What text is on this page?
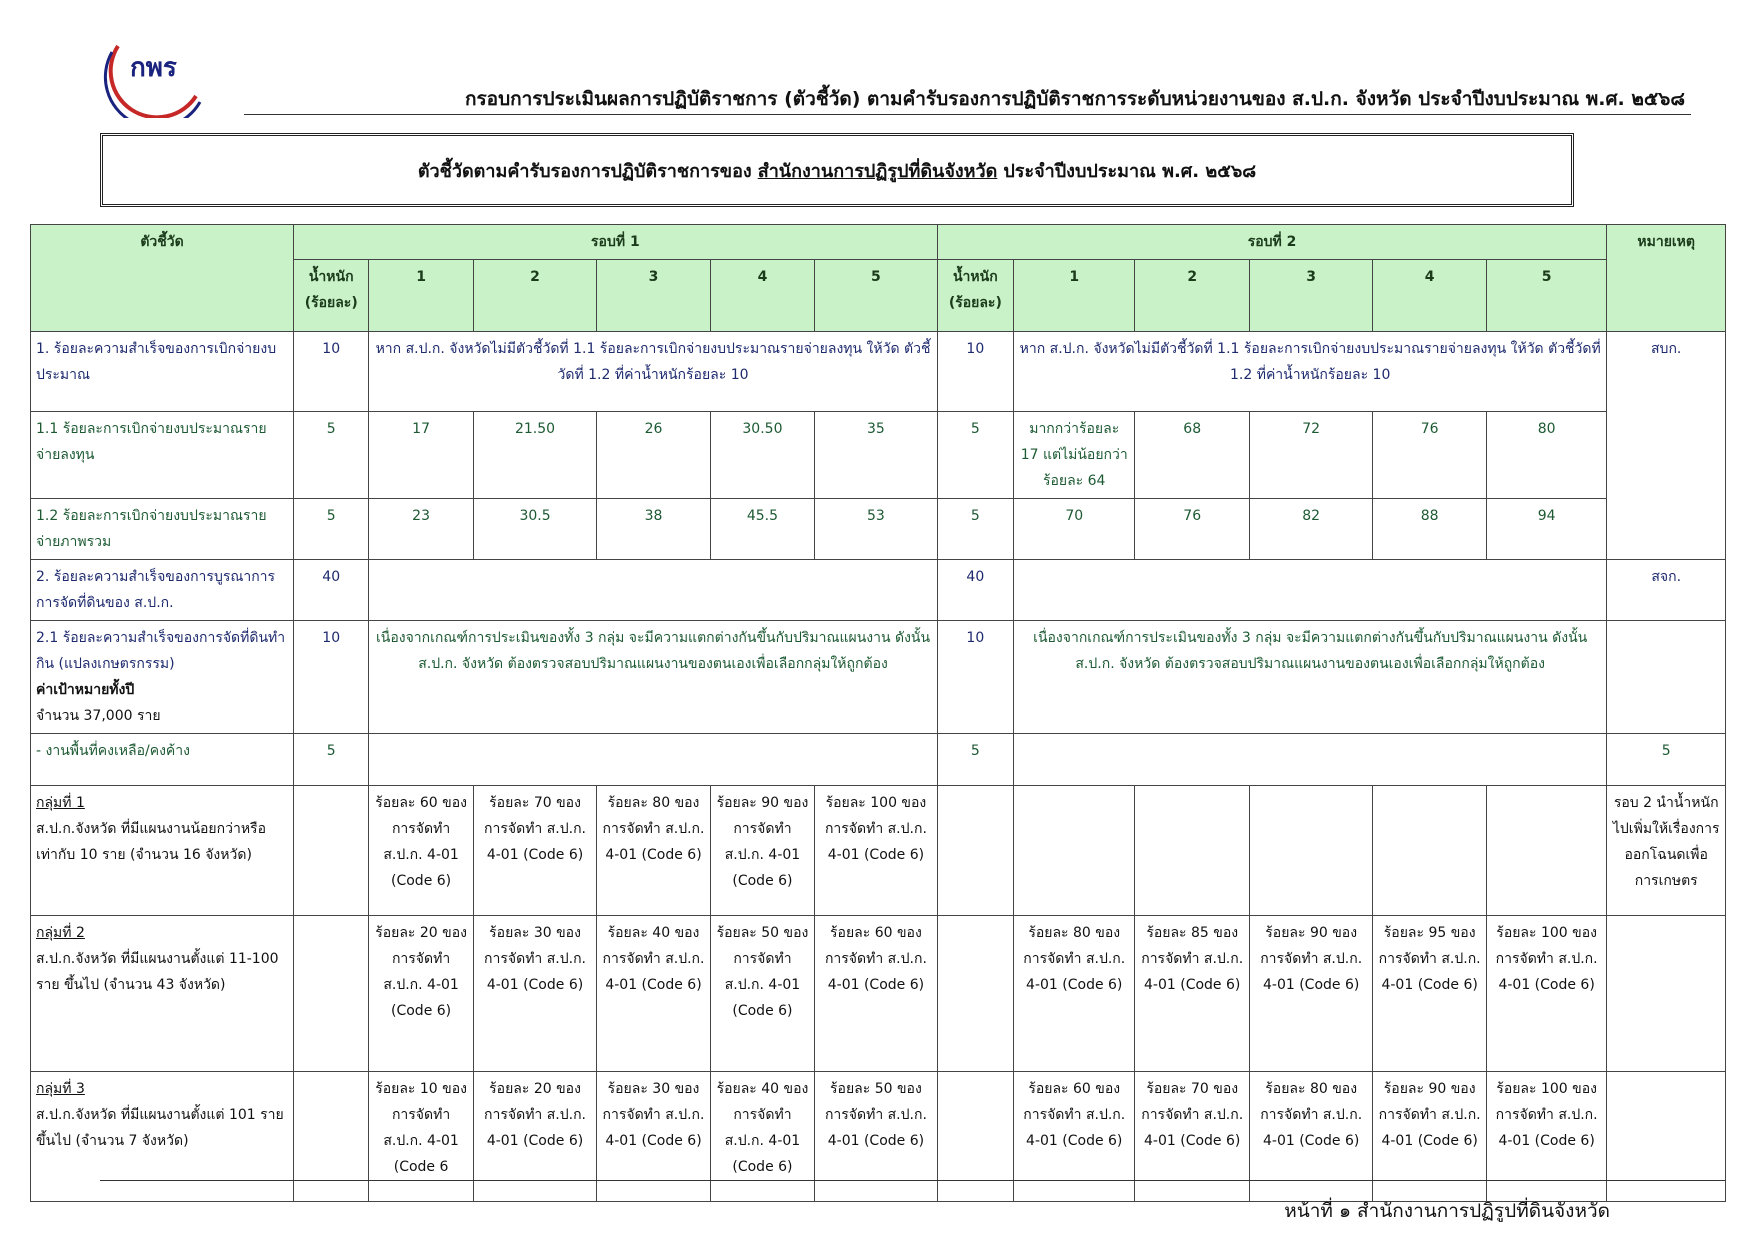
กพร
กรอบการประเมินผลการปฏิบัติราชการ (ตัวชี้วัด) ตามคำรับรองการปฏิบัติราชการระดับหน่วยงานของ ส.ป.ก. จังหวัด ประจำปีงบประมาณ พ.ศ. ๒๕๖๘
ตัวชี้วัดตามคำรับรองการปฏิบัติราชการของ สำนักงานการปฏิรูปที่ดินจังหวัด ประจำปีงบประมาณ พ.ศ. ๒๕๖๘
ตัวชี้วัด	รอบที่ 1						รอบที่ 2						หมายเหตุ
	น้ำหนัก (ร้อยละ)	1	2	3	4	5	น้ำหนัก (ร้อยละ)	1	2	3	4	5	
1. ร้อยละความสำเร็จของการเบิกจ่ายงบประมาณ	10	หาก ส.ป.ก. จังหวัดไม่มีตัวชี้วัดที่ 1.1 ร้อยละการเบิกจ่ายงบประมาณรายจ่ายลงทุน ให้วัด ตัวชี้วัดที่ 1.2 ที่ค่าน้ำหนักร้อยละ 10					10	หาก ส.ป.ก. จังหวัดไม่มีตัวชี้วัดที่ 1.1 ร้อยละการเบิกจ่ายงบประมาณรายจ่ายลงทุน ให้วัด ตัวชี้วัดที่ 1.2 ที่ค่าน้ำหนักร้อยละ 10					สบก.
1.1 ร้อยละการเบิกจ่ายงบประมาณรายจ่ายลงทุน	5	17	21.50	26	30.50	35	5	มากกว่าร้อยละ 17 แต่ไม่น้อยกว่าร้อยละ 64	68	72	76	80	
1.2 ร้อยละการเบิกจ่ายงบประมาณรายจ่ายภาพรวม	5	23	30.5	38	45.5	53	5	70	76	82	88	94	
2. ร้อยละความสำเร็จของการบูรณาการการจัดที่ดินของ ส.ป.ก.	40						40						สจก.

2.1 ร้อยละความสำเร็จของการจัดที่ดินทำกิน (แปลงเกษตรกรรม)
ค่าเป้าหมายทั้งปี
จำนวน 37,000 ราย	10	เนื่องจากเกณฑ์การประเมินของทั้ง 3 กลุ่ม จะมีความแตกต่างกันขึ้นกับปริมาณแผนงาน ดังนั้น ส.ป.ก. จังหวัด ต้องตรวจสอบปริมาณแผนงานของตนเองเพื่อเลือกกลุ่มให้ถูกต้อง					10	เนื่องจากเกณฑ์การประเมินของทั้ง 3 กลุ่ม จะมีความแตกต่างกันขึ้นกับปริมาณแผนงาน ดังนั้น ส.ป.ก. จังหวัด ต้องตรวจสอบปริมาณแผนงานของตนเองเพื่อเลือกกลุ่มให้ถูกต้อง					
- งานพื้นที่คงเหลือ/คงค้าง	5						5						5

กลุ่มที่ 1
ส.ป.ก.จังหวัด ที่มีแผนงานน้อยกว่าหรือเท่ากับ 10 ราย (จำนวน 16 จังหวัด)		ร้อยละ 60 ของการจัดทำ ส.ป.ก. 4-01 (Code 6)	ร้อยละ 70 ของการจัดทำ ส.ป.ก. 4-01 (Code 6)	ร้อยละ 80 ของการจัดทำ ส.ป.ก. 4-01 (Code 6)	ร้อยละ 90 ของการจัดทำ ส.ป.ก. 4-01 (Code 6)	ร้อยละ 100 ของการจัดทำ ส.ป.ก. 4-01 (Code 6)							รอบ 2 นำน้ำหนักไปเพิ่มให้เรื่องการออกโฉนดเพื่อการเกษตร

กลุ่มที่ 2
ส.ป.ก.จังหวัด ที่มีแผนงานตั้งแต่ 11-100 ราย ขึ้นไป (จำนวน 43 จังหวัด)		ร้อยละ 20 ของการจัดทำ ส.ป.ก. 4-01 (Code 6)	ร้อยละ 30 ของการจัดทำ ส.ป.ก. 4-01 (Code 6)	ร้อยละ 40 ของการจัดทำ ส.ป.ก. 4-01 (Code 6)	ร้อยละ 50 ของการจัดทำ ส.ป.ก. 4-01 (Code 6)	ร้อยละ 60 ของการจัดทำ ส.ป.ก. 4-01 (Code 6)		ร้อยละ 80 ของการจัดทำ ส.ป.ก. 4-01 (Code 6)	ร้อยละ 85 ของการจัดทำ ส.ป.ก. 4-01 (Code 6)	ร้อยละ 90 ของการจัดทำ ส.ป.ก. 4-01 (Code 6)	ร้อยละ 95 ของการจัดทำ ส.ป.ก. 4-01 (Code 6)	ร้อยละ 100 ของการจัดทำ ส.ป.ก. 4-01 (Code 6)	

กลุ่มที่ 3
ส.ป.ก.จังหวัด ที่มีแผนงานตั้งแต่ 101 ราย ขึ้นไป (จำนวน 7 จังหวัด)		ร้อยละ 10 ของการจัดทำ ส.ป.ก. 4-01 (Code 6	ร้อยละ 20 ของการจัดทำ ส.ป.ก. 4-01 (Code 6)	ร้อยละ 30 ของการจัดทำ ส.ป.ก. 4-01 (Code 6)	ร้อยละ 40 ของการจัดทำ ส.ป.ก. 4-01 (Code 6)	ร้อยละ 50 ของการจัดทำ ส.ป.ก. 4-01 (Code 6)		ร้อยละ 60 ของการจัดทำ ส.ป.ก. 4-01 (Code 6)	ร้อยละ 70 ของการจัดทำ ส.ป.ก. 4-01 (Code 6)	ร้อยละ 80 ของการจัดทำ ส.ป.ก. 4-01 (Code 6)	ร้อยละ 90 ของการจัดทำ ส.ป.ก. 4-01 (Code 6)	ร้อยละ 100 ของการจัดทำ ส.ป.ก. 4-01 (Code 6)	
หน้าที่ ๑ สำนักงานการปฏิรูปที่ดินจังหวัด
